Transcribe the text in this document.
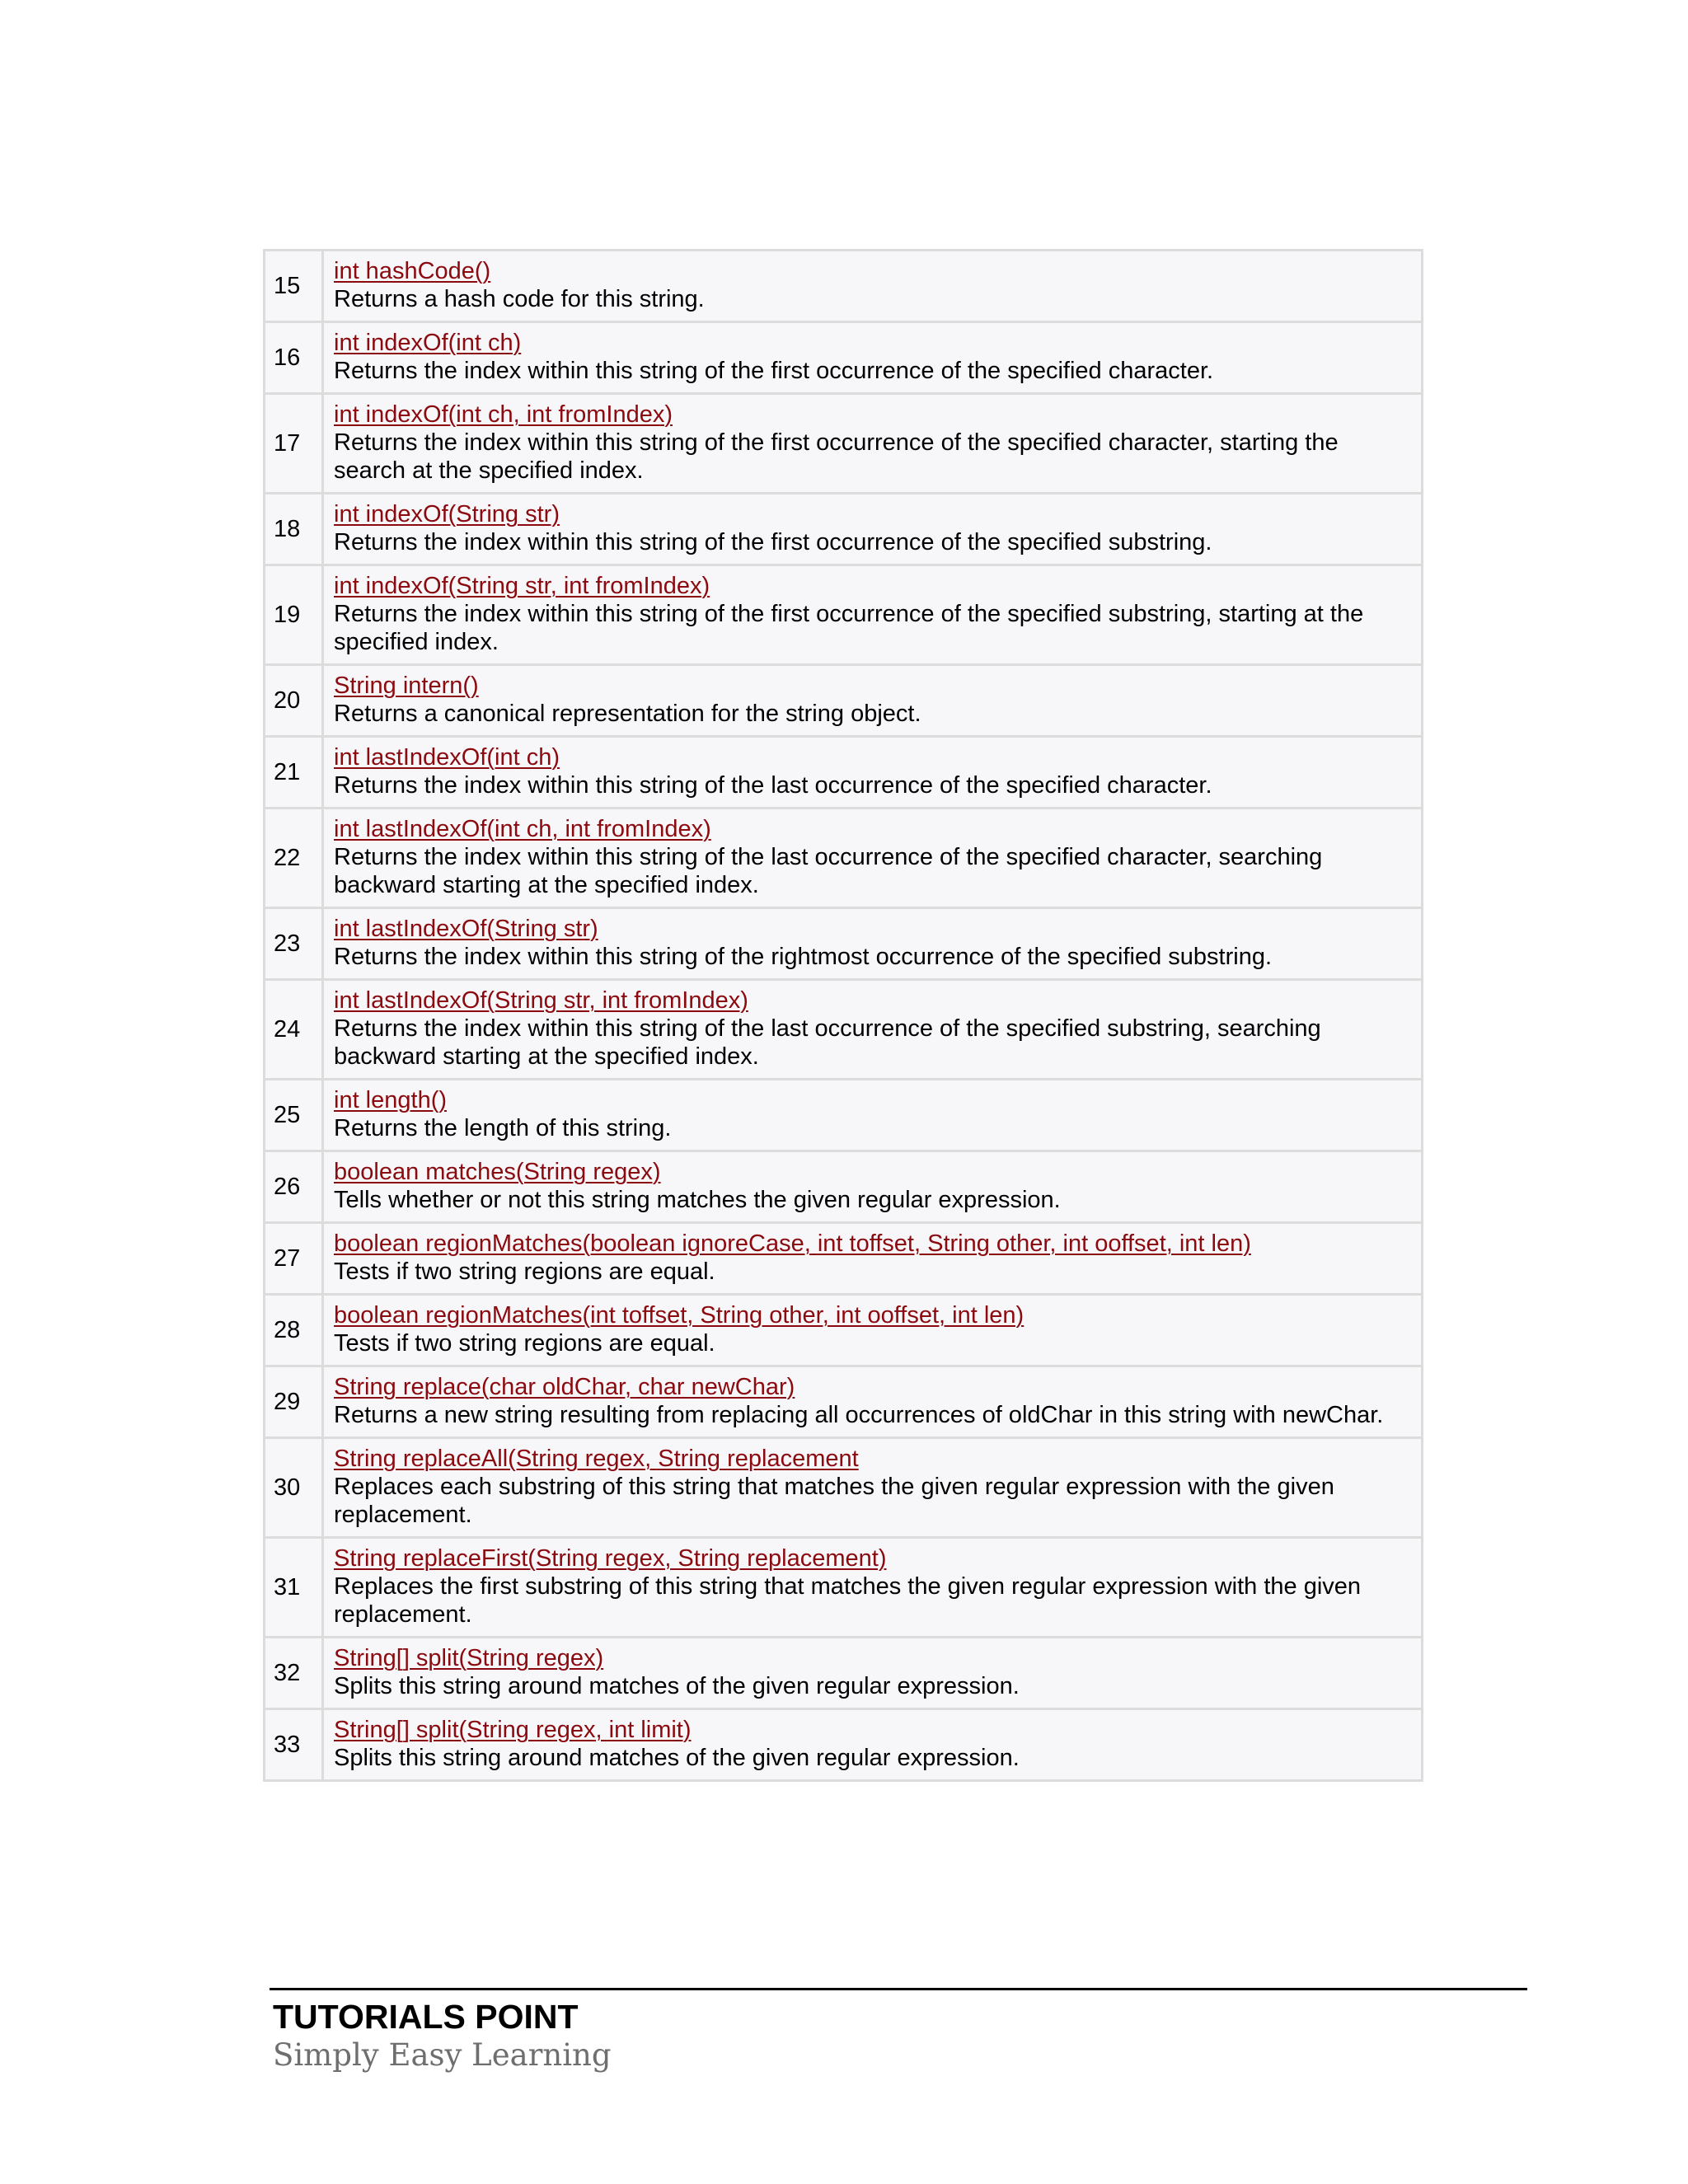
15	int hashCode()
Returns a hash code for this string.

16	int indexOf(int ch)
Returns the index within this string of the first occurrence of the specified character.

17	int indexOf(int ch, int fromIndex)
Returns the index within this string of the first occurrence of the specified character, starting the search at the specified index.

18	int indexOf(String str)
Returns the index within this string of the first occurrence of the specified substring.

19	int indexOf(String str, int fromIndex)
Returns the index within this string of the first occurrence of the specified substring, starting at the specified index.

20	String intern()
Returns a canonical representation for the string object.

21	int lastIndexOf(int ch)
Returns the index within this string of the last occurrence of the specified character.

22	int lastIndexOf(int ch, int fromIndex)
Returns the index within this string of the last occurrence of the specified character, searching backward starting at the specified index.

23	int lastIndexOf(String str)
Returns the index within this string of the rightmost occurrence of the specified substring.

24	int lastIndexOf(String str, int fromIndex)
Returns the index within this string of the last occurrence of the specified substring, searching backward starting at the specified index.

25	int length()
Returns the length of this string.

26	boolean matches(String regex)
Tells whether or not this string matches the given regular expression.

27	boolean regionMatches(boolean ignoreCase, int toffset, String other, int ooffset, int len)
Tests if two string regions are equal.

28	boolean regionMatches(int toffset, String other, int ooffset, int len)
Tests if two string regions are equal.

29	String replace(char oldChar, char newChar)
Returns a new string resulting from replacing all occurrences of oldChar in this string with newChar.

30	String replaceAll(String regex, String replacement
Replaces each substring of this string that matches the given regular expression with the given replacement.

31	String replaceFirst(String regex, String replacement)
Replaces the first substring of this string that matches the given regular expression with the given replacement.

32	String[] split(String regex)
Splits this string around matches of the given regular expression.

33	String[] split(String regex, int limit)
Splits this string around matches of the given regular expression.
TUTORIALS POINT
Simply Easy Learning
